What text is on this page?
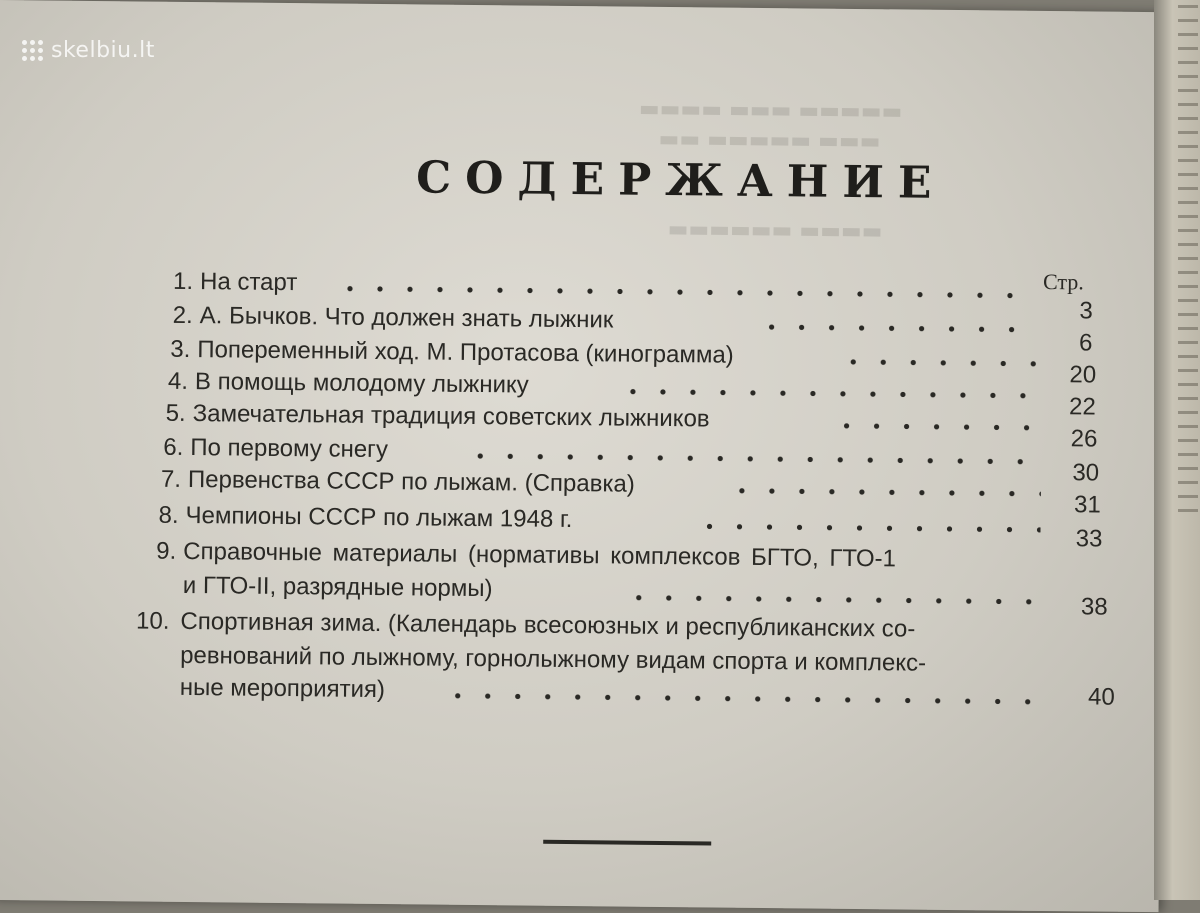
▬▬▬▬▬ ▬▬▬ ▬▬▬▬
▬▬▬ ▬▬▬▬▬ ▬▬
▬▬▬▬ ▬▬▬▬▬▬
СОДЕРЖАНИЕ
Стр.
1. На старт
3
2. А. Бычков. Что должен знать лыжник
6
3. Попеременный ход. М. Протасова (кинограмма)
20
4. В помощь молодому лыжнику
22
5. Замечательная традиция советских лыжников
26
6. По первому снегу
30
7. Первенства СССР по лыжам. (Справка)
31
8. Чемпионы СССР по лыжам 1948 г.
33
9. Справочные материалы (нормативы комплексов БГТО, ГТО-1
и ГТО-II, разрядные нормы)
38
10. Спортивная зима. (Календарь всесоюзных и республиканских со-
ревнований по лыжному, горнолыжному видам спорта и комплекс-
ные мероприятия)	40
skelbiu.lt
